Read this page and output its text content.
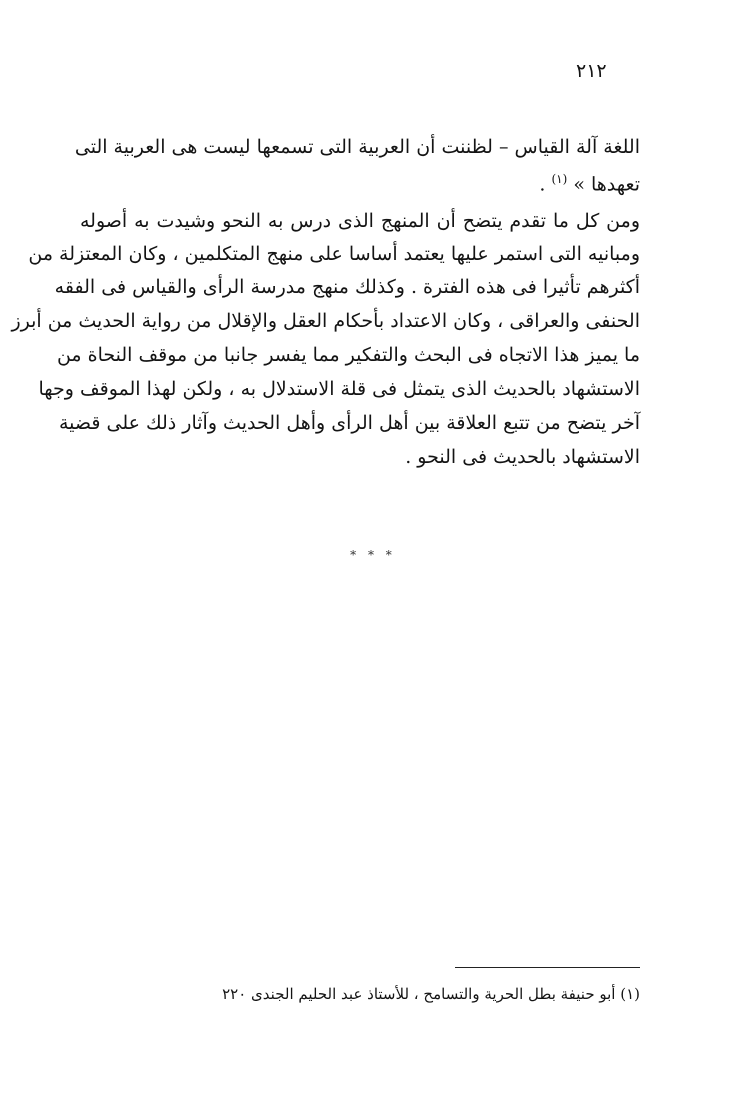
٢١٢
اللغة آلة القياس – لظننت أن العربية التى تسمعها ليست هى العربية التى
تعهدها » $^{(١)}$ .
ومن كل ما تقدم يتضح أن المنهج الذى درس به النحو وشيدت به أصوله
ومبانيه التى استمر عليها يعتمد أساسا على منهج المتكلمين ، وكان المعتزلة من
أكثرهم تأثيرا فى هذه الفترة . وكذلك منهج مدرسة الرأى والقياس فى الفقه
الحنفى والعراقى ، وكان الاعتداد بأحكام العقل والإقلال من رواية الحديث من أبرز
ما يميز هذا الاتجاه فى البحث والتفكير مما يفسر جانبا من موقف النحاة من
الاستشهاد بالحديث الذى يتمثل فى قلة الاستدلال به ، ولكن لهذا الموقف وجها
آخر يتضح من تتبع العلاقة بين أهل الرأى وأهل الحديث وآثار ذلك على قضية
الاستشهاد بالحديث فى النحو .
* * *
(١) أبو حنيفة بطل الحرية والتسامح ، للأستاذ عبد الحليم الجندى ٢٢٠
